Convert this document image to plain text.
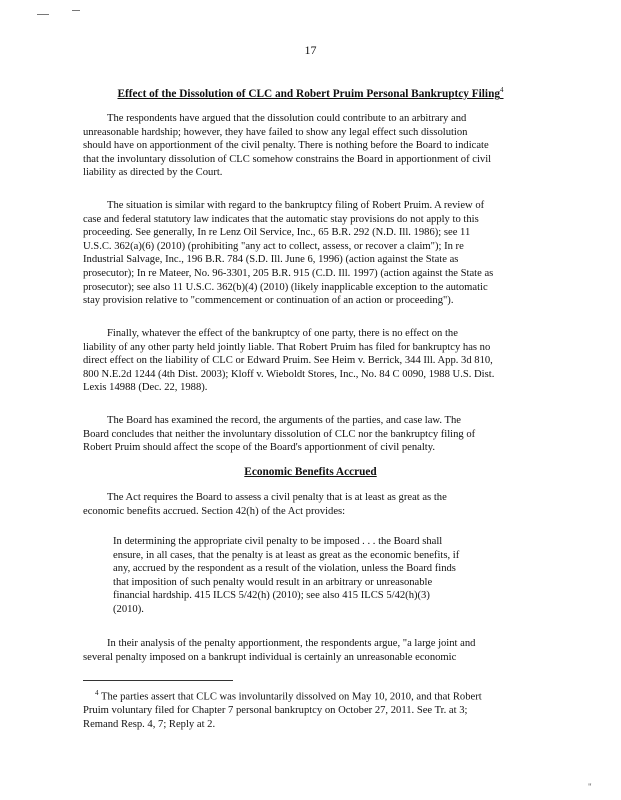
17
Effect of the Dissolution of CLC and Robert Pruim Personal Bankruptcy Filing$^4$
The respondents have argued that the dissolution could contribute to an arbitrary and
unreasonable hardship; however, they have failed to show any legal effect such dissolution
should have on apportionment of the civil penalty. There is nothing before the Board to indicate
that the involuntary dissolution of CLC somehow constrains the Board in apportionment of civil
liability as directed by the Court.
The situation is similar with regard to the bankruptcy filing of Robert Pruim. A review of
case and federal statutory law indicates that the automatic stay provisions do not apply to this
proceeding. See generally, In re Lenz Oil Service, Inc., 65 B.R. 292 (N.D. Ill. 1986); see 11
U.S.C. 362(a)(6) (2010) (prohibiting "any act to collect, assess, or recover a claim"); In re
Industrial Salvage, Inc., 196 B.R. 784 (S.D. Ill. June 6, 1996) (action against the State as
prosecutor); In re Mateer, No. 96-3301, 205 B.R. 915 (C.D. Ill. 1997) (action against the State as
prosecutor); see also 11 U.S.C. 362(b)(4) (2010) (likely inapplicable exception to the automatic
stay provision relative to "commencement or continuation of an action or proceeding").
Finally, whatever the effect of the bankruptcy of one party, there is no effect on the
liability of any other party held jointly liable. That Robert Pruim has filed for bankruptcy has no
direct effect on the liability of CLC or Edward Pruim. See Heim v. Berrick, 344 Ill. App. 3d 810,
800 N.E.2d 1244 (4th Dist. 2003); Kloff v. Wieboldt Stores, Inc., No. 84 C 0090, 1988 U.S. Dist.
Lexis 14988 (Dec. 22, 1988).
The Board has examined the record, the arguments of the parties, and case law. The
Board concludes that neither the involuntary dissolution of CLC nor the bankruptcy filing of
Robert Pruim should affect the scope of the Board's apportionment of civil penalty.
Economic Benefits Accrued
The Act requires the Board to assess a civil penalty that is at least as great as the
economic benefits accrued. Section 42(h) of the Act provides:
In determining the appropriate civil penalty to be imposed . . . the Board shall
ensure, in all cases, that the penalty is at least as great as the economic benefits, if
any, accrued by the respondent as a result of the violation, unless the Board finds
that imposition of such penalty would result in an arbitrary or unreasonable
financial hardship. 415 ILCS 5/42(h) (2010); see also 415 ILCS 5/42(h)(3)
(2010).
In their analysis of the penalty apportionment, the respondents argue, "a large joint and
several penalty imposed on a bankrupt individual is certainly an unreasonable economic
$^4$ The parties assert that CLC was involuntarily dissolved on May 10, 2010, and that Robert
Pruim voluntary filed for Chapter 7 personal bankruptcy on October 27, 2011. See Tr. at 3;
Remand Resp. 4, 7; Reply at 2.
"
